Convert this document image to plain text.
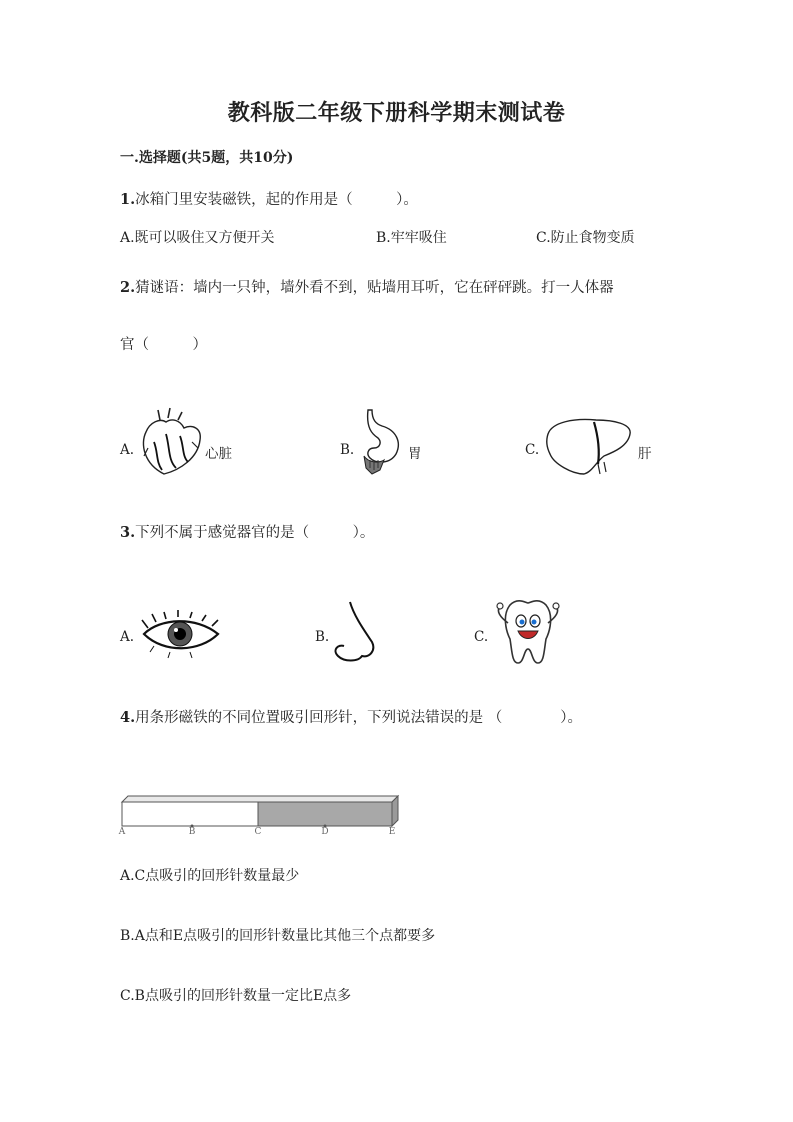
教科版二年级下册科学期末测试卷
一.选择题(共5题，共10分)
1.冰箱门里安装磁铁，起的作用是（　　　）。
A.既可以吸住又方便开关	B.牢牢吸住	C.防止食物变质
2.猜谜语：墙内一只钟，墙外看不到，贴墙用耳听，它在砰砰跳。打一人体器
官（　　　）
A.	心脏	B.	胃	C.	肝
3.下列不属于感觉器官的是（　　　）。
A.	B.	C.
4.用条形磁铁的不同位置吸引回形针，下列说法错误的是 （　　　　）。
A	B	C	D	E
A.C点吸引的回形针数量最少
B.A点和E点吸引的回形针数量比其他三个点都要多
C.B点吸引的回形针数量一定比E点多
